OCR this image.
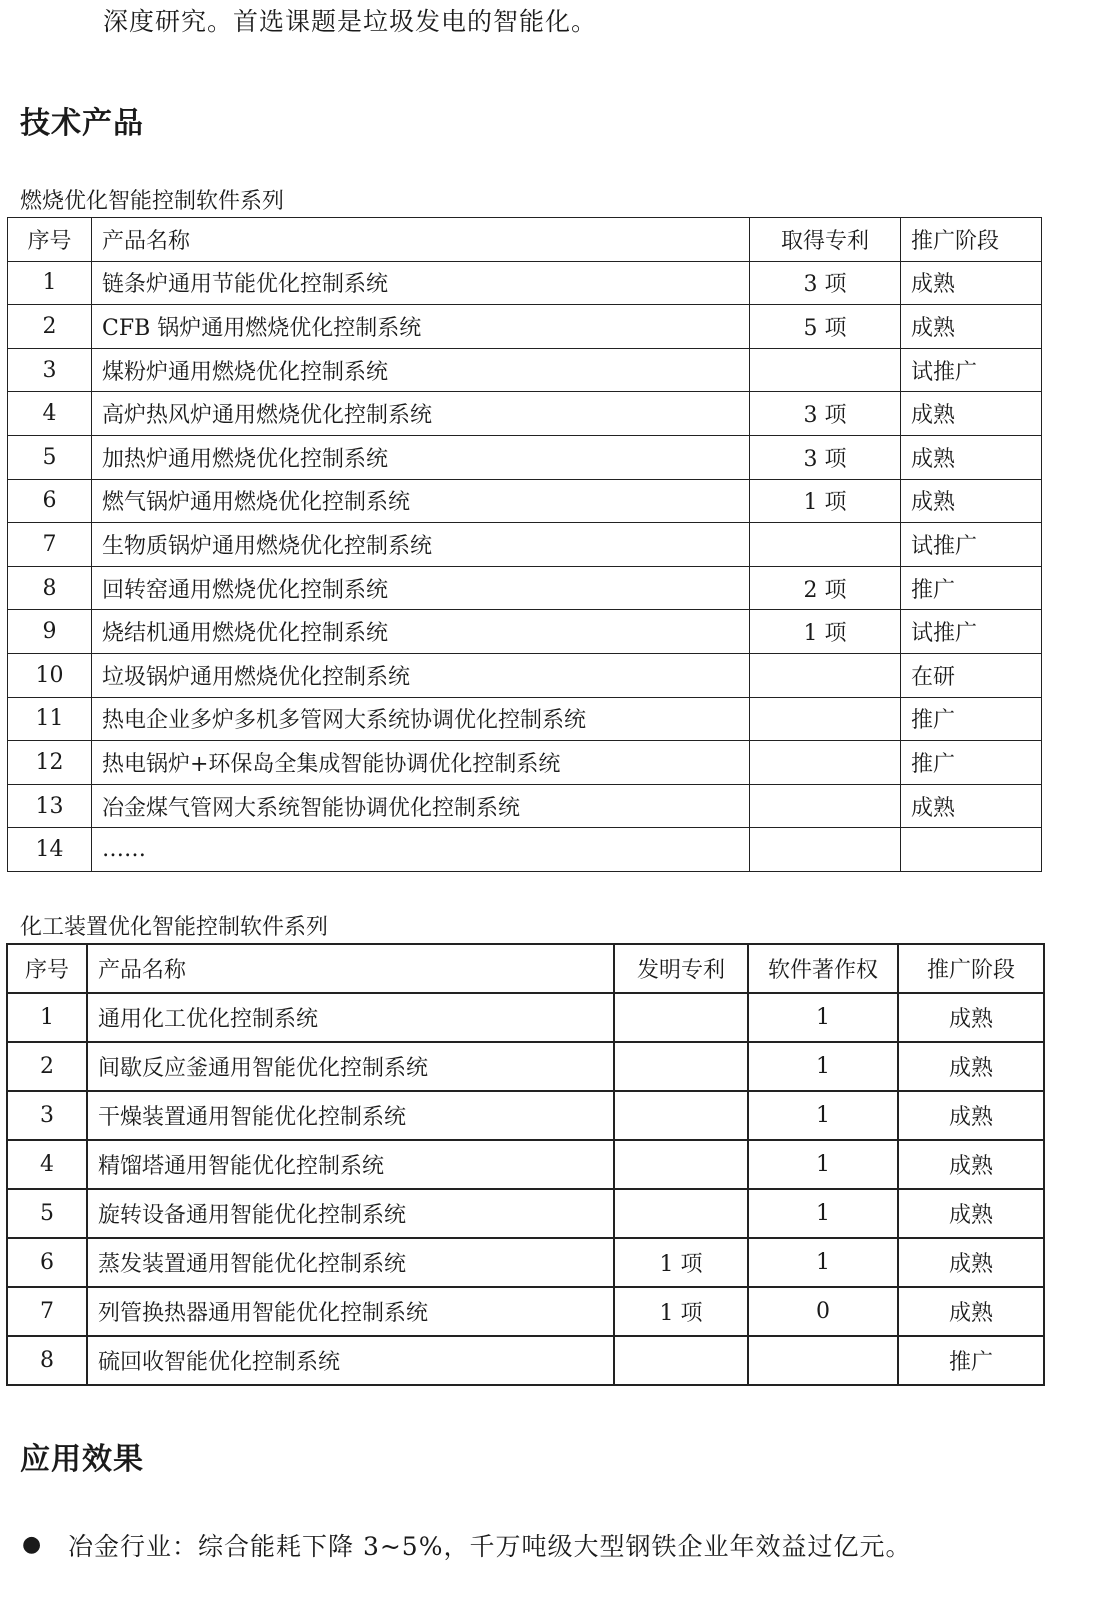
深度研究。首选课题是垃圾发电的智能化。

技术产品

燃烧优化智能控制软件系列

序号	产品名称	取得专利	推广阶段
1	链条炉通用节能优化控制系统	3 项	成熟
2	CFB 锅炉通用燃烧优化控制系统	5 项	成熟
3	煤粉炉通用燃烧优化控制系统		试推广
4	高炉热风炉通用燃烧优化控制系统	3 项	成熟
5	加热炉通用燃烧优化控制系统	3 项	成熟
6	燃气锅炉通用燃烧优化控制系统	1 项	成熟
7	生物质锅炉通用燃烧优化控制系统		试推广
8	回转窑通用燃烧优化控制系统	2 项	推广
9	烧结机通用燃烧优化控制系统	1 项	试推广
10	垃圾锅炉通用燃烧优化控制系统		在研
11	热电企业多炉多机多管网大系统协调优化控制系统		推广
12	热电锅炉+环保岛全集成智能协调优化控制系统		推广
13	冶金煤气管网大系统智能协调优化控制系统		成熟
14	……		

化工装置优化智能控制软件系列

序号	产品名称	发明专利	软件著作权	推广阶段
1	通用化工优化控制系统		1	成熟
2	间歇反应釜通用智能优化控制系统		1	成熟
3	干燥装置通用智能优化控制系统		1	成熟
4	精馏塔通用智能优化控制系统		1	成熟
5	旋转设备通用智能优化控制系统		1	成熟
6	蒸发装置通用智能优化控制系统	1 项	1	成熟
7	列管换热器通用智能优化控制系统	1 项	0	成熟
8	硫回收智能优化控制系统			推广
应用效果
● 冶金行业：综合能耗下降 3~5%，千万吨级大型钢铁企业年效益过亿元。
